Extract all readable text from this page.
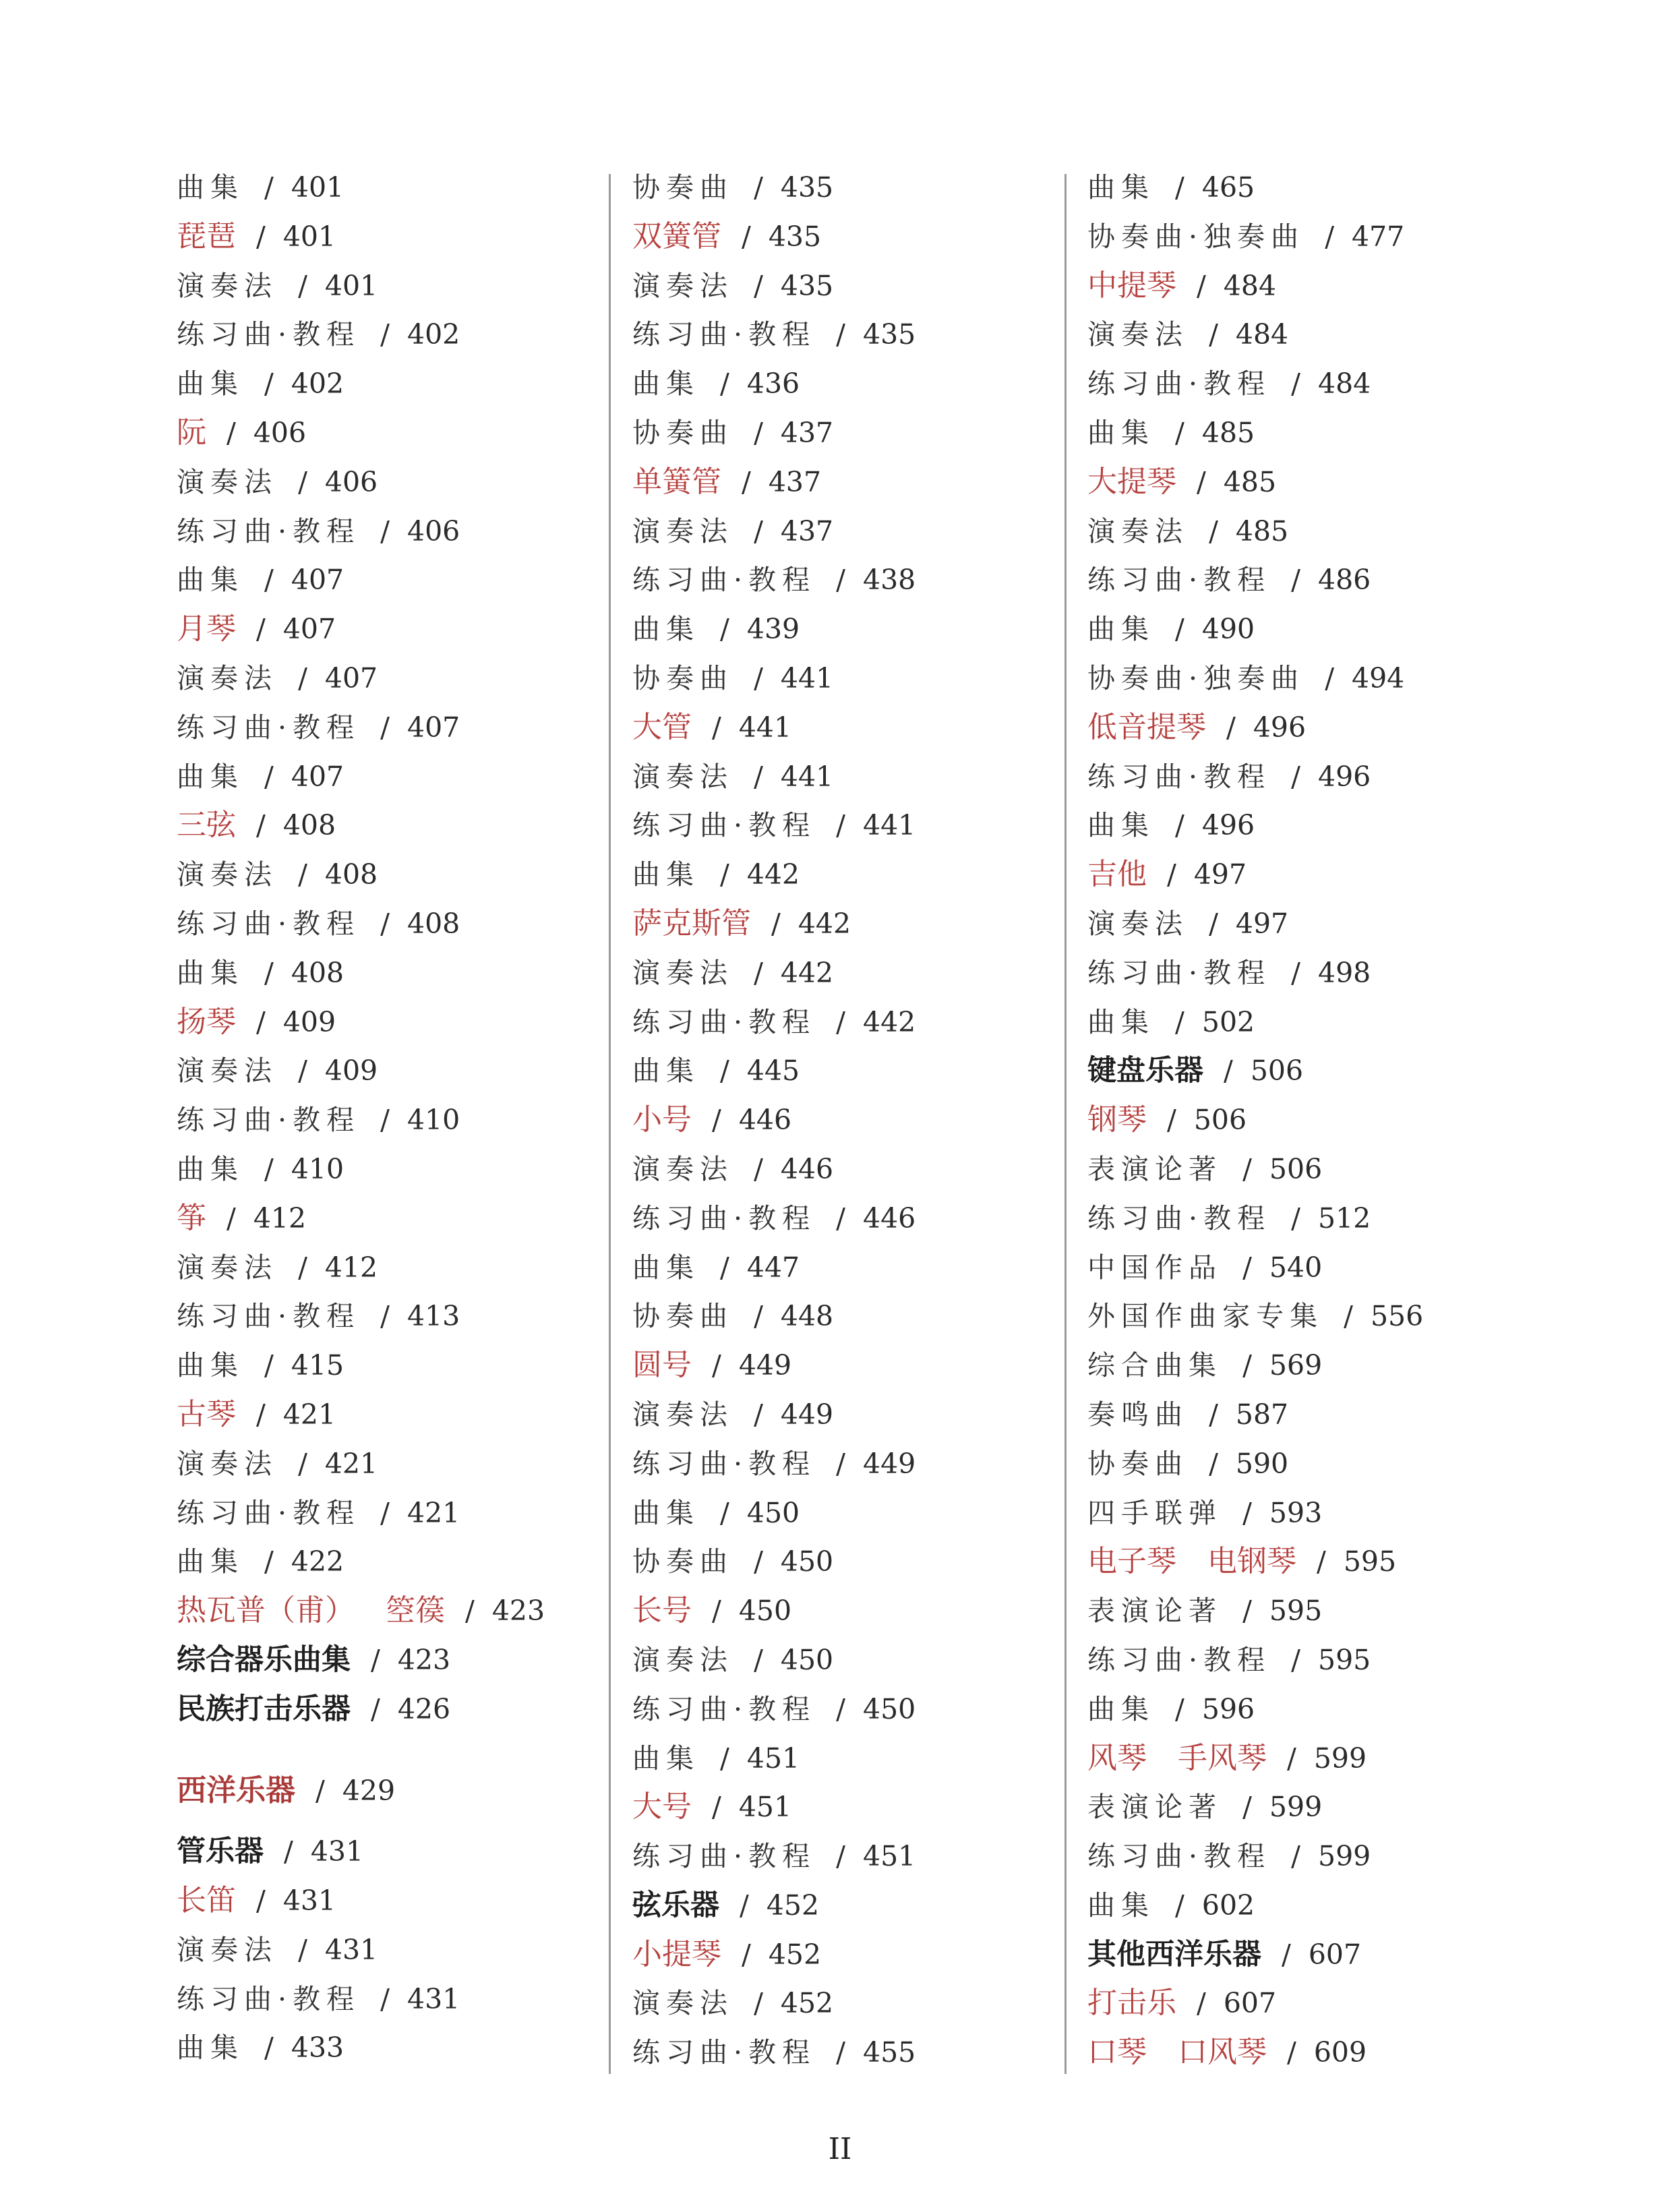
曲集 / 401
琵琶 / 401
演奏法 / 401
练习曲·教程 / 402
曲集 / 402
阮 / 406
演奏法 / 406
练习曲·教程 / 406
曲集 / 407
月琴 / 407
演奏法 / 407
练习曲·教程 / 407
曲集 / 407
三弦 / 408
演奏法 / 408
练习曲·教程 / 408
曲集 / 408
扬琴 / 409
演奏法 / 409
练习曲·教程 / 410
曲集 / 410
筝 / 412
演奏法 / 412
练习曲·教程 / 413
曲集 / 415
古琴 / 421
演奏法 / 421
练习曲·教程 / 421
曲集 / 422
热瓦普（甫） 箜篌 / 423
综合器乐曲集 / 423
民族打击乐器 / 426
西洋乐器 / 429
管乐器 / 431
长笛 / 431
演奏法 / 431
练习曲·教程 / 431
曲集 / 433
协奏曲 / 435
双簧管 / 435
演奏法 / 435
练习曲·教程 / 435
曲集 / 436
协奏曲 / 437
单簧管 / 437
演奏法 / 437
练习曲·教程 / 438
曲集 / 439
协奏曲 / 441
大管 / 441
演奏法 / 441
练习曲·教程 / 441
曲集 / 442
萨克斯管 / 442
演奏法 / 442
练习曲·教程 / 442
曲集 / 445
小号 / 446
演奏法 / 446
练习曲·教程 / 446
曲集 / 447
协奏曲 / 448
圆号 / 449
演奏法 / 449
练习曲·教程 / 449
曲集 / 450
协奏曲 / 450
长号 / 450
演奏法 / 450
练习曲·教程 / 450
曲集 / 451
大号 / 451
练习曲·教程 / 451
弦乐器 / 452
小提琴 / 452
演奏法 / 452
练习曲·教程 / 455
曲集 / 465
协奏曲·独奏曲 / 477
中提琴 / 484
演奏法 / 484
练习曲·教程 / 484
曲集 / 485
大提琴 / 485
演奏法 / 485
练习曲·教程 / 486
曲集 / 490
协奏曲·独奏曲 / 494
低音提琴 / 496
练习曲·教程 / 496
曲集 / 496
吉他 / 497
演奏法 / 497
练习曲·教程 / 498
曲集 / 502
键盘乐器 / 506
钢琴 / 506
表演论著 / 506
练习曲·教程 / 512
中国作品 / 540
外国作曲家专集 / 556
综合曲集 / 569
奏鸣曲 / 587
协奏曲 / 590
四手联弹 / 593
电子琴 电钢琴 / 595
表演论著 / 595
练习曲·教程 / 595
曲集 / 596
风琴 手风琴 / 599
表演论著 / 599
练习曲·教程 / 599
曲集 / 602
其他西洋乐器 / 607
打击乐 / 607
口琴 口风琴 / 609
II
